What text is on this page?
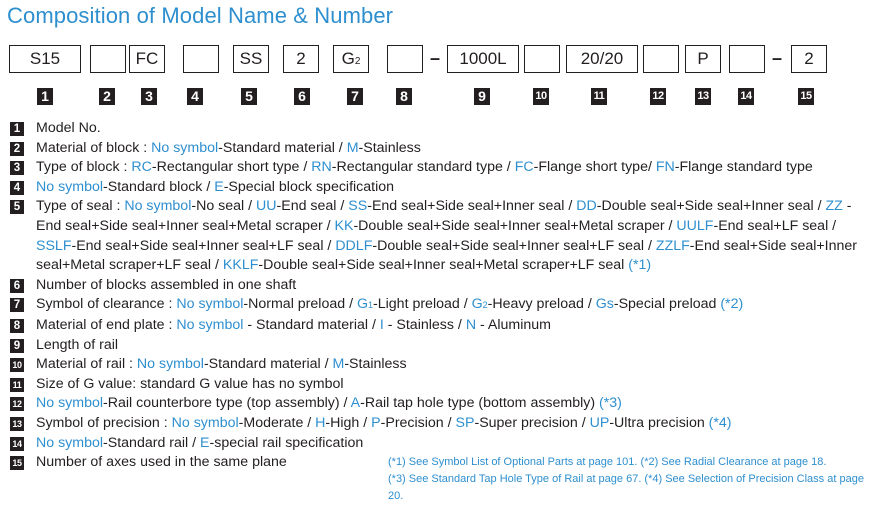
Composition of Model Name & Number
S15
1	2
FC
3	4
SS
5
2
6
G2
7	8
1000L
9	10
20/20
11	12
P
13	14
2
15
–	–
1 Model No.
2 Material of block : No symbol-Standard material / M-Stainless
3 Type of block : RC-Rectangular short type / RN-Rectangular standard type / FC-Flange short type/ FN-Flange standard type
4 No symbol-Standard block / E-Special block specification
5 Type of seal : No symbol-No seal / UU-End seal / SS-End seal+Side seal+Inner seal / DD-Double seal+Side seal+Inner seal / ZZ -End seal+Side seal+Inner seal+Metal scraper / KK-Double seal+Side seal+Inner seal+Metal scraper / UULF-End seal+LF seal / SSLF-End seal+Side seal+Inner seal+LF seal / DDLF-Double seal+Side seal+Inner seal+LF seal / ZZLF-End seal+Side seal+Inner seal+Metal scraper+LF seal / KKLF-Double seal+Side seal+Inner seal+Metal scraper+LF seal (*1)
6 Number of blocks assembled in one shaft
7 Symbol of clearance : No symbol-Normal preload / G1-Light preload / G2-Heavy preload / Gs-Special preload (*2)
8 Material of end plate : No symbol - Standard material / I - Stainless / N - Aluminum
9 Length of rail
10 Material of rail : No symbol-Standard material / M-Stainless
11 Size of G value: standard G value has no symbol
12 No symbol-Rail counterbore type (top assembly) / A-Rail tap hole type (bottom assembly) (*3)
13 Symbol of precision : No symbol-Moderate / H-High / P-Precision / SP-Super precision / UP-Ultra precision (*4)
14 No symbol-Standard rail / E-special rail specification
15 Number of axes used in the same plane	(*1) See Symbol List of Optional Parts at page 101. (*2) See Radial Clearance at page 18.
(*3) See Standard Tap Hole Type of Rail at page 67. (*4) See Selection of Precision Class at page 20.
